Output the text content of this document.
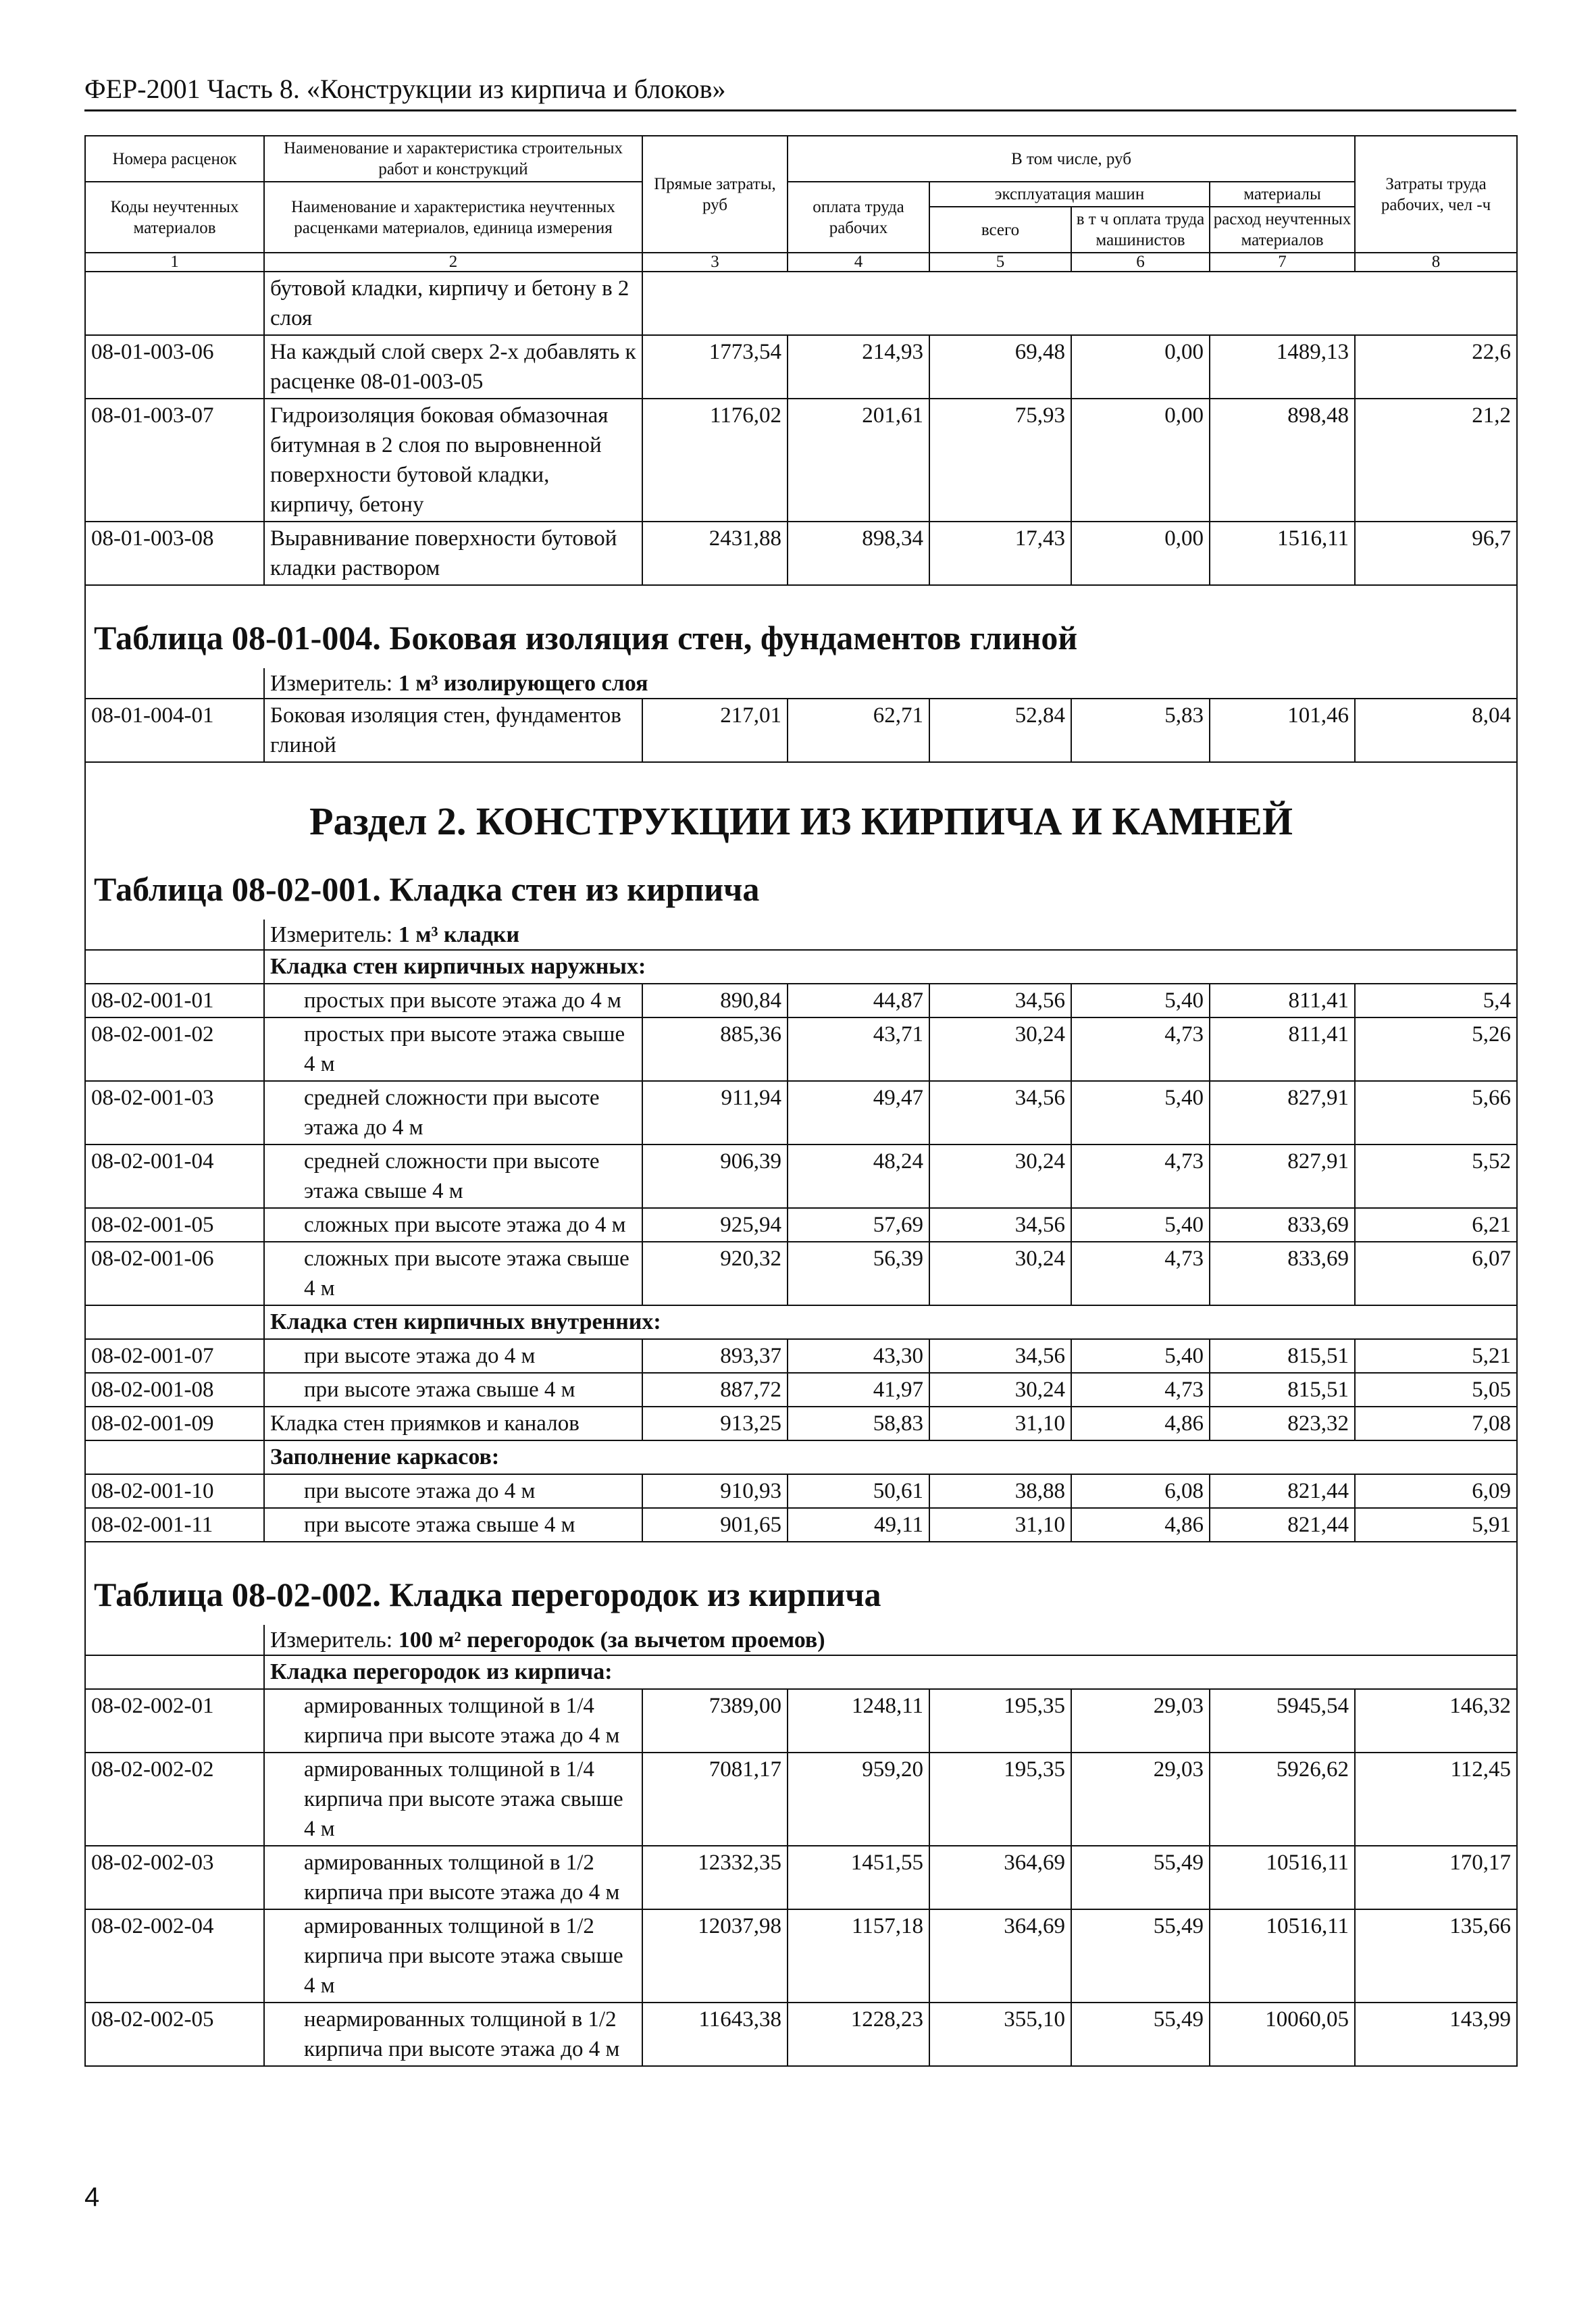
ФЕР-2001 Часть 8. «Конструкции из кирпича и блоков»
Номера расценок	Наименование и характеристика строительных работ и конструкций	Прямые затраты, руб	В том числе, руб				Затраты труда рабочих, чел -ч
Коды неучтенных материалов	Наименование и характеристика неучтенных расценками материалов, единица измерения		оплата труда рабочих	эксплуатация машин		материалы	
				всего	в т ч оплата труда машинистов	расход неучтенных материалов	

1	2	3	4	5	6	7	8
	бутовой кладки, кирпичу и бетону в 2 слоя						
08-01-003-06	На каждый слой сверх 2-х добавлять к расценке 08-01-003-05	1773,54	214,93	69,48	0,00	1489,13	22,6
08-01-003-07	Гидроизоляция боковая обмазочная битумная в 2 слоя по выровненной поверхности бутовой кладки, кирпичу, бетону	1176,02	201,61	75,93	0,00	898,48	21,2
08-01-003-08	Выравнивание поверхности бутовой кладки раствором	2431,88	898,34	17,43	0,00	1516,11	96,7

Таблица 08-01-004. Боковая изоляция стен, фундаментов глиной							

	Измеритель: 1 м³ изолирующего слоя						
08-01-004-01	Боковая изоляция стен, фундаментов глиной	217,01	62,71	52,84	5,83	101,46	8,04

Раздел 2. КОНСТРУКЦИИ ИЗ КИРПИЧА И КАМНЕЙ
Таблица 08-02-001. Кладка стен из кирпича							

	Измеритель: 1 м³ кладки						
	Кладка стен кирпичных наружных:						
08-02-001-01	простых при высоте этажа до 4 м	890,84	44,87	34,56	5,40	811,41	5,4
08-02-001-02	простых при высоте этажа свыше 4 м	885,36	43,71	30,24	4,73	811,41	5,26
08-02-001-03	средней сложности при высоте этажа до 4 м	911,94	49,47	34,56	5,40	827,91	5,66
08-02-001-04	средней сложности при высоте этажа свыше 4 м	906,39	48,24	30,24	4,73	827,91	5,52
08-02-001-05	сложных при высоте этажа до 4 м	925,94	57,69	34,56	5,40	833,69	6,21
08-02-001-06	сложных при высоте этажа свыше 4 м	920,32	56,39	30,24	4,73	833,69	6,07
	Кладка стен кирпичных внутренних:						
08-02-001-07	при высоте этажа до 4 м	893,37	43,30	34,56	5,40	815,51	5,21
08-02-001-08	при высоте этажа свыше 4 м	887,72	41,97	30,24	4,73	815,51	5,05
08-02-001-09	Кладка стен приямков и каналов	913,25	58,83	31,10	4,86	823,32	7,08
	Заполнение каркасов:						
08-02-001-10	при высоте этажа до 4 м	910,93	50,61	38,88	6,08	821,44	6,09
08-02-001-11	при высоте этажа свыше 4 м	901,65	49,11	31,10	4,86	821,44	5,91

Таблица 08-02-002. Кладка перегородок из кирпича							

	Измеритель: 100 м² перегородок (за вычетом проемов)						
	Кладка перегородок из кирпича:						
08-02-002-01	армированных толщиной в 1/4 кирпича при высоте этажа до 4 м	7389,00	1248,11	195,35	29,03	5945,54	146,32
08-02-002-02	армированных толщиной в 1/4 кирпича при высоте этажа свыше 4 м	7081,17	959,20	195,35	29,03	5926,62	112,45
08-02-002-03	армированных толщиной в 1/2 кирпича при высоте этажа до 4 м	12332,35	1451,55	364,69	55,49	10516,11	170,17
08-02-002-04	армированных толщиной в 1/2 кирпича при высоте этажа свыше 4 м	12037,98	1157,18	364,69	55,49	10516,11	135,66
08-02-002-05	неармированных толщиной в 1/2 кирпича при высоте этажа до 4 м	11643,38	1228,23	355,10	55,49	10060,05	143,99
4
